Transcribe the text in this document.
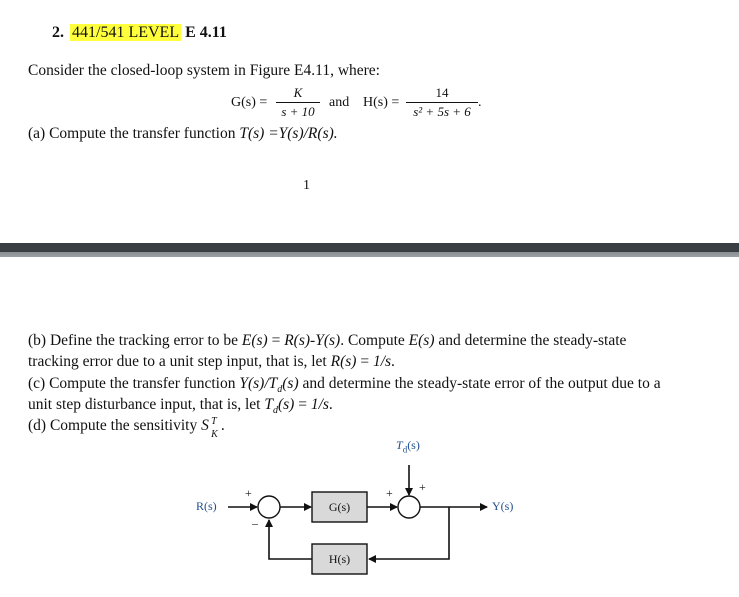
2. 441/541 LEVEL E 4.11
Consider the closed-loop system in Figure E4.11, where:
G(s) =
K
s + 10
and H(s) =
14
s² + 5s + 6
.
(a) Compute the transfer function T(s) =Y(s)/R(s).
1
(b) Define the tracking error to be E(s) = R(s)-Y(s). Compute E(s) and determine the steady-state
tracking error due to a unit step input, that is, let R(s) = 1/s.
(c) Compute the transfer function $Y(s)/T_d(s)$ and determine the steady-state error of the output due to a
unit step disturbance input, that is, let $T_d(s) = 1/s$.
(d) Compute the sensitivity S T
K
.
R(s)	Y(s)
$T_d(s)$
G(s)
H(s)
+
–
+ +
